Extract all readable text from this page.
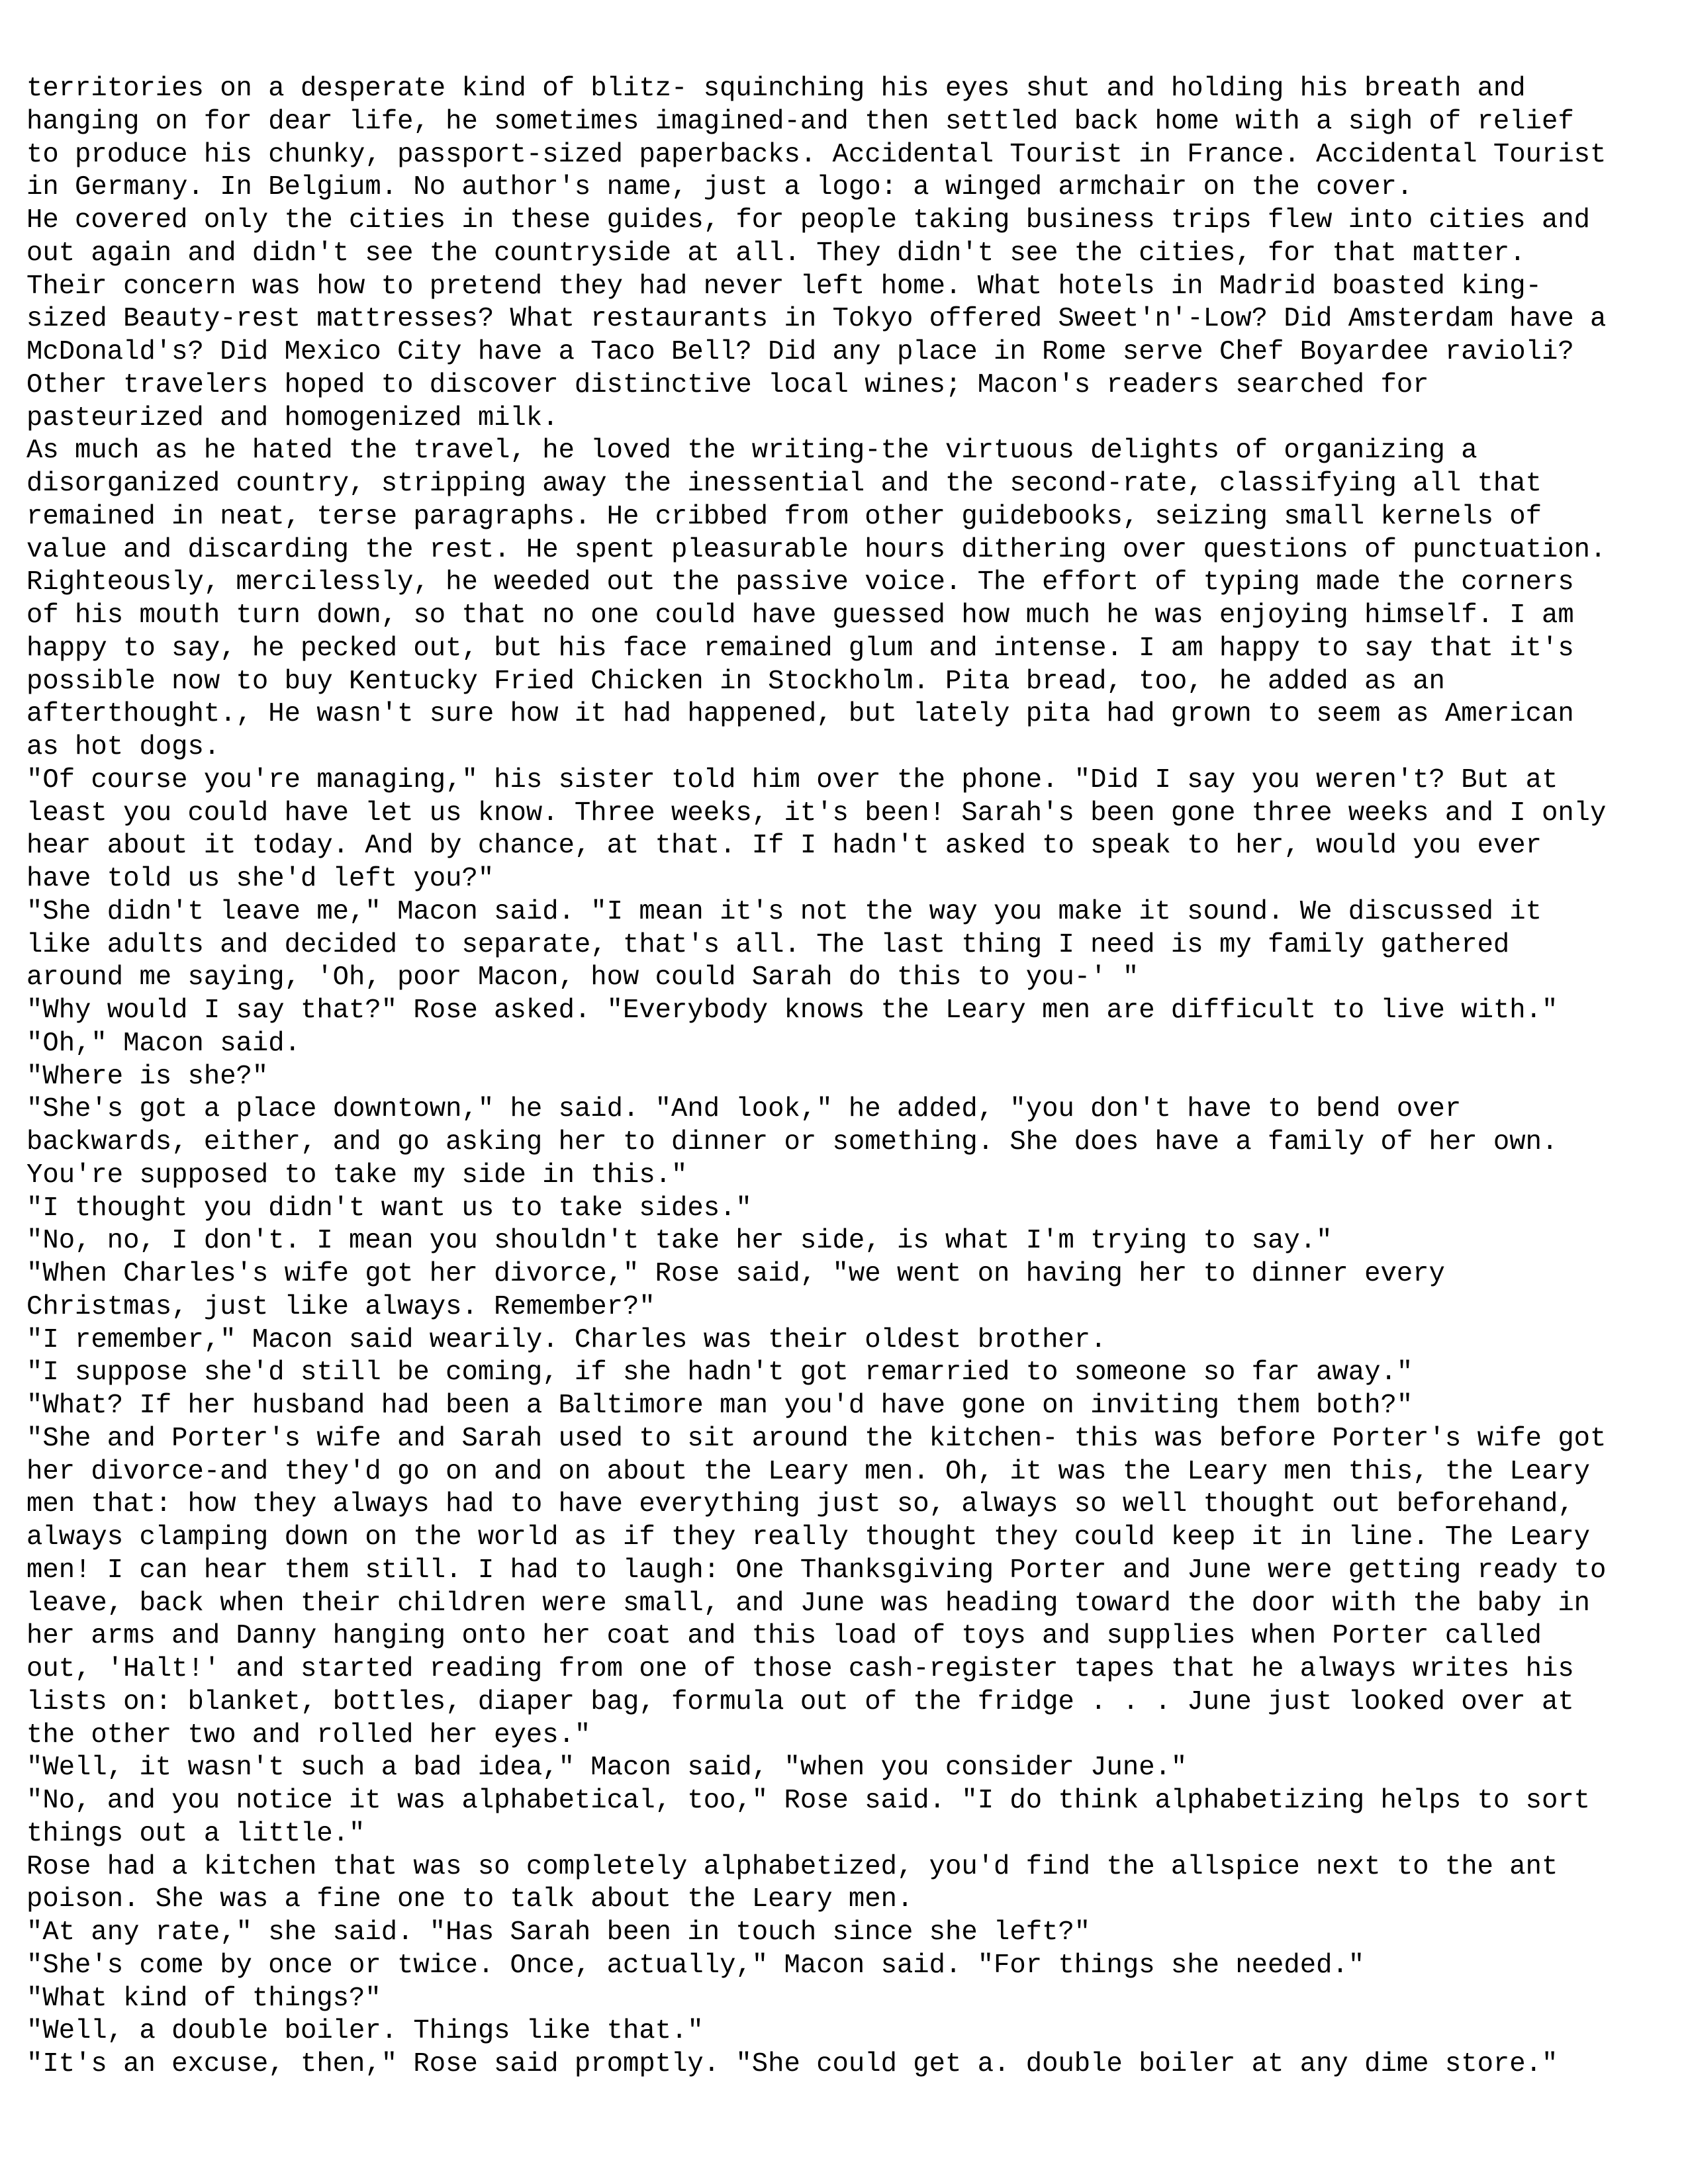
territories on a desperate kind of blitz- squinching his eyes shut and holding his breath and
hanging on for dear life, he sometimes imagined-and then settled back home with a sigh of relief
to produce his chunky, passport-sized paperbacks. Accidental Tourist in France. Accidental Tourist
in Germany. In Belgium. No author's name, just a logo: a winged armchair on the cover.
He covered only the cities in these guides, for people taking business trips flew into cities and
out again and didn't see the countryside at all. They didn't see the cities, for that matter.
Their concern was how to pretend they had never left home. What hotels in Madrid boasted king-
sized Beauty-rest mattresses? What restaurants in Tokyo offered Sweet'n'-Low? Did Amsterdam have a
McDonald's? Did Mexico City have a Taco Bell? Did any place in Rome serve Chef Boyardee ravioli?
Other travelers hoped to discover distinctive local wines; Macon's readers searched for
pasteurized and homogenized milk.
As much as he hated the travel, he loved the writing-the virtuous delights of organizing a
disorganized country, stripping away the inessential and the second-rate, classifying all that
remained in neat, terse paragraphs. He cribbed from other guidebooks, seizing small kernels of
value and discarding the rest. He spent pleasurable hours dithering over questions of punctuation.
Righteously, mercilessly, he weeded out the passive voice. The effort of typing made the corners
of his mouth turn down, so that no one could have guessed how much he was enjoying himself. I am
happy to say, he pecked out, but his face remained glum and intense. I am happy to say that it's
possible now to buy Kentucky Fried Chicken in Stockholm. Pita bread, too, he added as an
afterthought., He wasn't sure how it had happened, but lately pita had grown to seem as American
as hot dogs.
"Of course you're managing," his sister told him over the phone. "Did I say you weren't? But at
least you could have let us know. Three weeks, it's been! Sarah's been gone three weeks and I only
hear about it today. And by chance, at that. If I hadn't asked to speak to her, would you ever
have told us she'd left you?"
"She didn't leave me," Macon said. "I mean it's not the way you make it sound. We discussed it
like adults and decided to separate, that's all. The last thing I need is my family gathered
around me saying, 'Oh, poor Macon, how could Sarah do this to you-' "
"Why would I say that?" Rose asked. "Everybody knows the Leary men are difficult to live with."
"Oh," Macon said.
"Where is she?"
"She's got a place downtown," he said. "And look," he added, "you don't have to bend over
backwards, either, and go asking her to dinner or something. She does have a family of her own.
You're supposed to take my side in this."
"I thought you didn't want us to take sides."
"No, no, I don't. I mean you shouldn't take her side, is what I'm trying to say."
"When Charles's wife got her divorce," Rose said, "we went on having her to dinner every
Christmas, just like always. Remember?"
"I remember," Macon said wearily. Charles was their oldest brother.
"I suppose she'd still be coming, if she hadn't got remarried to someone so far away."
"What? If her husband had been a Baltimore man you'd have gone on inviting them both?"
"She and Porter's wife and Sarah used to sit around the kitchen- this was before Porter's wife got
her divorce-and they'd go on and on about the Leary men. Oh, it was the Leary men this, the Leary
men that: how they always had to have everything just so, always so well thought out beforehand,
always clamping down on the world as if they really thought they could keep it in line. The Leary
men! I can hear them still. I had to laugh: One Thanksgiving Porter and June were getting ready to
leave, back when their children were small, and June was heading toward the door with the baby in
her arms and Danny hanging onto her coat and this load of toys and supplies when Porter called
out, 'Halt!' and started reading from one of those cash-register tapes that he always writes his
lists on: blanket, bottles, diaper bag, formula out of the fridge . . . June just looked over at
the other two and rolled her eyes."
"Well, it wasn't such a bad idea," Macon said, "when you consider June."
"No, and you notice it was alphabetical, too," Rose said. "I do think alphabetizing helps to sort
things out a little."
Rose had a kitchen that was so completely alphabetized, you'd find the allspice next to the ant
poison. She was a fine one to talk about the Leary men.
"At any rate," she said. "Has Sarah been in touch since she left?"
"She's come by once or twice. Once, actually," Macon said. "For things she needed."
"What kind of things?"
"Well, a double boiler. Things like that."
"It's an excuse, then," Rose said promptly. "She could get a. double boiler at any dime store."
